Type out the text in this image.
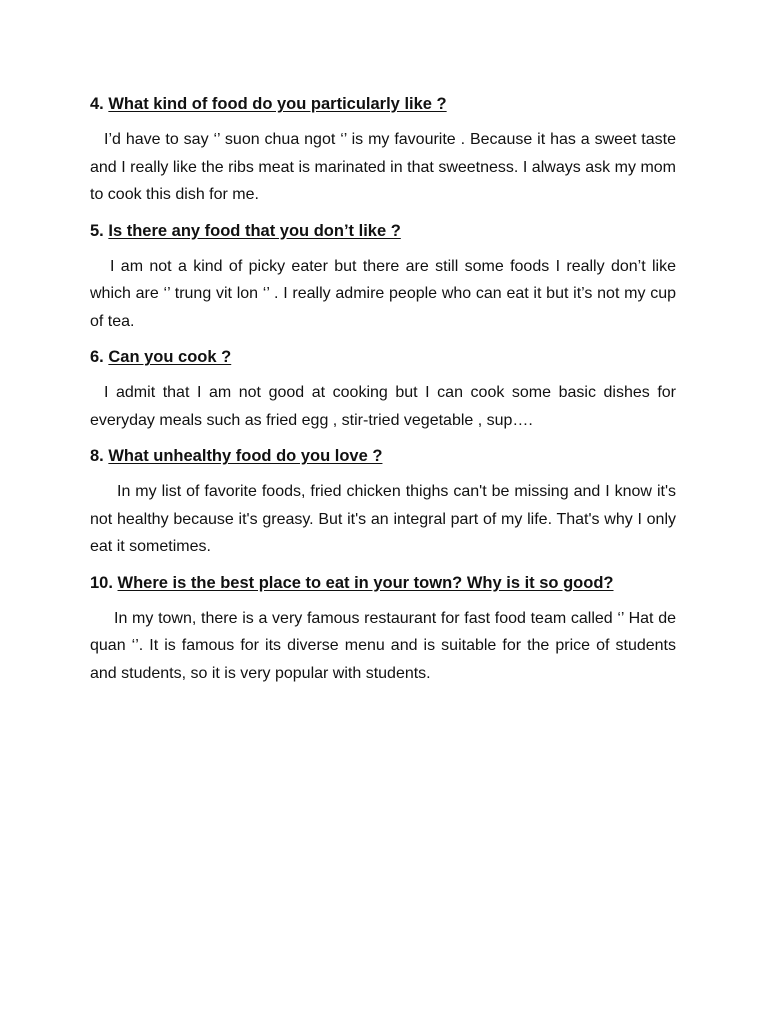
4. What kind of food do you particularly like ?

I’d have to say ‘’ suon chua ngot ‘’ is my favourite . Because it has a sweet taste and I really like the ribs meat is marinated in that sweetness. I always ask my mom to cook this dish for me.

5. Is there any food that you don’t like ?

I am not a kind of picky eater but there are still some foods I really don’t like which are ‘’ trung vit lon ‘’ . I really admire people who can eat it but it’s not my cup of tea.

6. Can you cook ?

I admit that I am not good at cooking but I can cook some basic dishes for everyday meals such as fried egg , stir-tried vegetable , sup….

8. What unhealthy food do you love ?

In my list of favorite foods, fried chicken thighs can't be missing and I know it's not healthy because it's greasy. But it's an integral part of my life. That's why I only eat it sometimes.

10. Where is the best place to eat in your town? Why is it so good?

In my town, there is a very famous restaurant for fast food team called ‘’ Hat de quan ‘’. It is famous for its diverse menu and is suitable for the price of students and students, so it is very popular with students.
